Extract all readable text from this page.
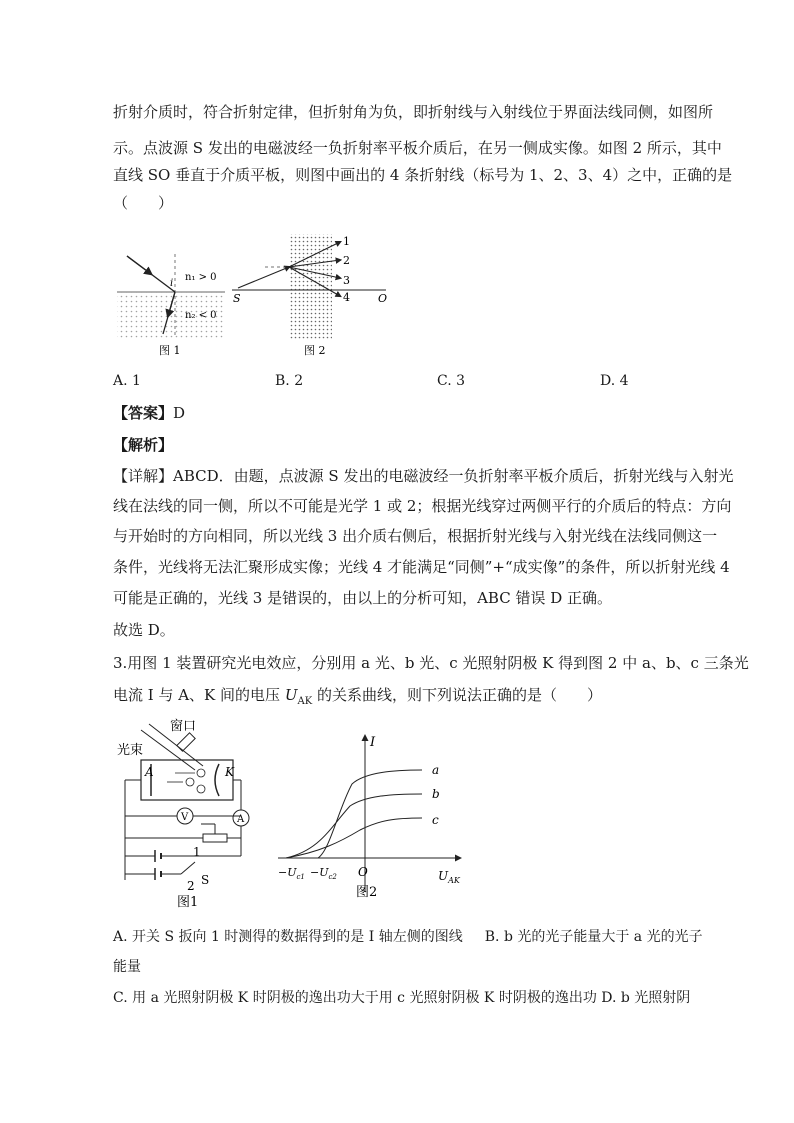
折射介质时，符合折射定律，但折射角为负，即折射线与入射线位于界面法线同侧，如图所
示。点波源 S 发出的电磁波经一负折射率平板介质后，在另一侧成实像。如图 2 所示，其中
直线 SO 垂直于介质平板，则图中画出的 4 条折射线（标号为 1、2、3、4）之中，正确的是
（　　）
i
n₁ > 0
n₂ < 0
图 1
S	O
1
2
3
4
图 2
A. 1	B. 2	C. 3	D. 4
【答案】D
【解析】
【详解】ABCD．由题，点波源 S 发出的电磁波经一负折射率平板介质后，折射光线与入射光
线在法线的同一侧，所以不可能是光学 1 或 2；根据光线穿过两侧平行的介质后的特点：方向
与开始时的方向相同，所以光线 3 出介质右侧后，根据折射光线与入射光线在法线同侧这一
条件，光线将无法汇聚形成实像；光线 4 才能满足“同侧”+“成实像”的条件，所以折射光线 4
可能是正确的，光线 3 是错误的，由以上的分析可知，ABC 错误 D 正确。
故选 D。
3.用图 1 装置研究光电效应，分别用 a 光、b 光、c 光照射阴极 K 得到图 2 中 a、b、c 三条光
电流 I 与 A、K 间的电压 $U_{AK}$ 的关系曲线，则下列说法正确的是（　　）
窗口
光束
A	K
A
V
1
2 S
图1
I
O	$U_{AK}$
$-U_{c1} -U_{c2}$
a
b
c
图2
A. 开关 S 扳向 1 时测得的数据得到的是 I 轴左侧的图线 B. b 光的光子能量大于 a 光的光子
能量
C. 用 a 光照射阴极 K 时阴极的逸出功大于用 c 光照射阴极 K 时阴极的逸出功 D. b 光照射阴
